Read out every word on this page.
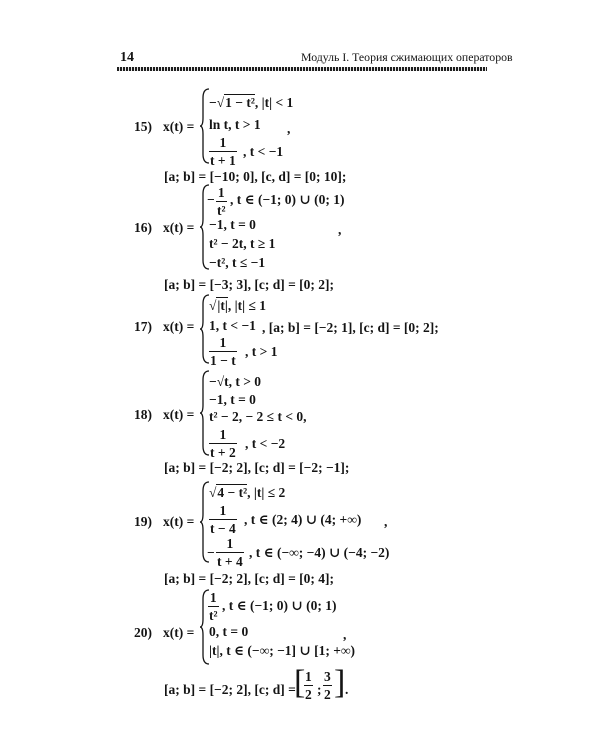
14	Модуль I. Теория сжимающих операторов
15) x(t) =
−√1 − t², |t| < 1
ln t, t > 1
$\frac{1}{t + 1}$ , t < −1
,
[a; b] = [−10; 0], [c, d] = [0; 10];
16) x(t) =
− $\frac{1}{\text{t²}}$ , t ∈ (−1; 0) ∪ (0; 1)
−1, t = 0
t² − 2t, t ≥ 1
−t², t ≤ −1
,
[a; b] = [−3; 3], [c; d] = [0; 2];
17) x(t) =
√|t|, |t| ≤ 1
1, t < −1
$\frac{1}{1 - t}$ , t > 1
, [a; b] = [−2; 1], [c; d] = [0; 2];
18) x(t) =
−√t, t > 0
−1, t = 0
t² − 2, − 2 ≤ t < 0,
$\frac{1}{t + 2}$ , t < −2
[a; b] = [−2; 2], [c; d] = [−2; −1];
19) x(t) =
√4 − t², |t| ≤ 2
$\frac{1}{t - 4}$ , t ∈ (2; 4) ∪ (4; +∞)
− $\frac{1}{t + 4}$ , t ∈ (−∞; −4) ∪ (−4; −2)
,
[a; b] = [−2; 2], [c; d] = [0; 4];
20) x(t) =
$\frac{1}{\text{t²}}$ , t ∈ (−1; 0) ∪ (0; 1)
0, t = 0
|t|, t ∈ (−∞; −1] ∪ [1; +∞)
,
[a; b] = [−2; 2], [c; d] =
[
$\frac{1}{2}$ ; $\frac{3}{2}$ ] .
